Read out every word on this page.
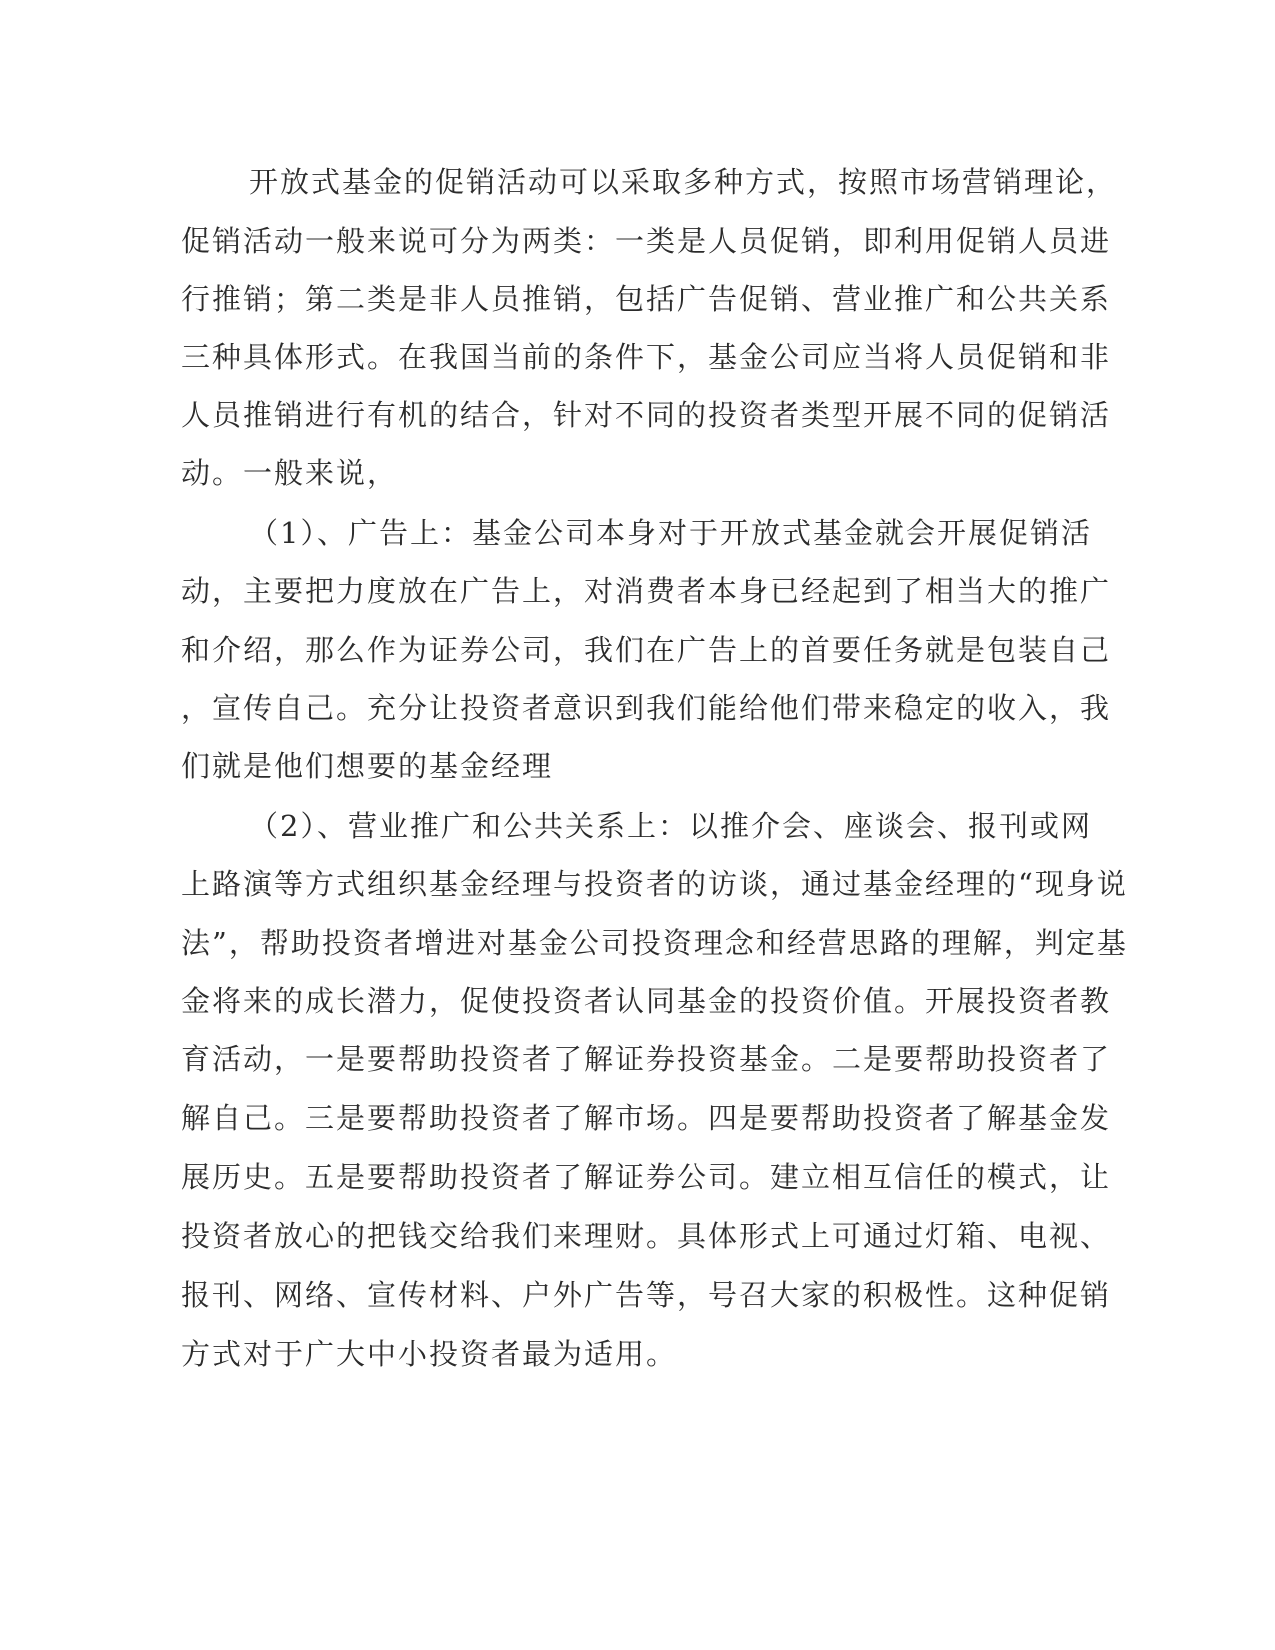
开放式基金的促销活动可以采取多种方式，按照市场营销理论，
促销活动一般来说可分为两类：一类是人员促销，即利用促销人员进
行推销；第二类是非人员推销，包括广告促销、营业推广和公共关系
三种具体形式。在我国当前的条件下，基金公司应当将人员促销和非
人员推销进行有机的结合，针对不同的投资者类型开展不同的促销活
动。一般来说，
（1）、广告上：基金公司本身对于开放式基金就会开展促销活
动，主要把力度放在广告上，对消费者本身已经起到了相当大的推广
和介绍，那么作为证券公司，我们在广告上的首要任务就是包装自己
，宣传自己。充分让投资者意识到我们能给他们带来稳定的收入，我
们就是他们想要的基金经理
（2）、营业推广和公共关系上：以推介会、座谈会、报刊或网
上路演等方式组织基金经理与投资者的访谈，通过基金经理的“现身说
法”，帮助投资者增进对基金公司投资理念和经营思路的理解，判定基
金将来的成长潜力，促使投资者认同基金的投资价值。开展投资者教
育活动，一是要帮助投资者了解证券投资基金。二是要帮助投资者了
解自己。三是要帮助投资者了解市场。四是要帮助投资者了解基金发
展历史。五是要帮助投资者了解证券公司。建立相互信任的模式，让
投资者放心的把钱交给我们来理财。具体形式上可通过灯箱、电视、
报刊、网络、宣传材料、户外广告等，号召大家的积极性。这种促销
方式对于广大中小投资者最为适用。
